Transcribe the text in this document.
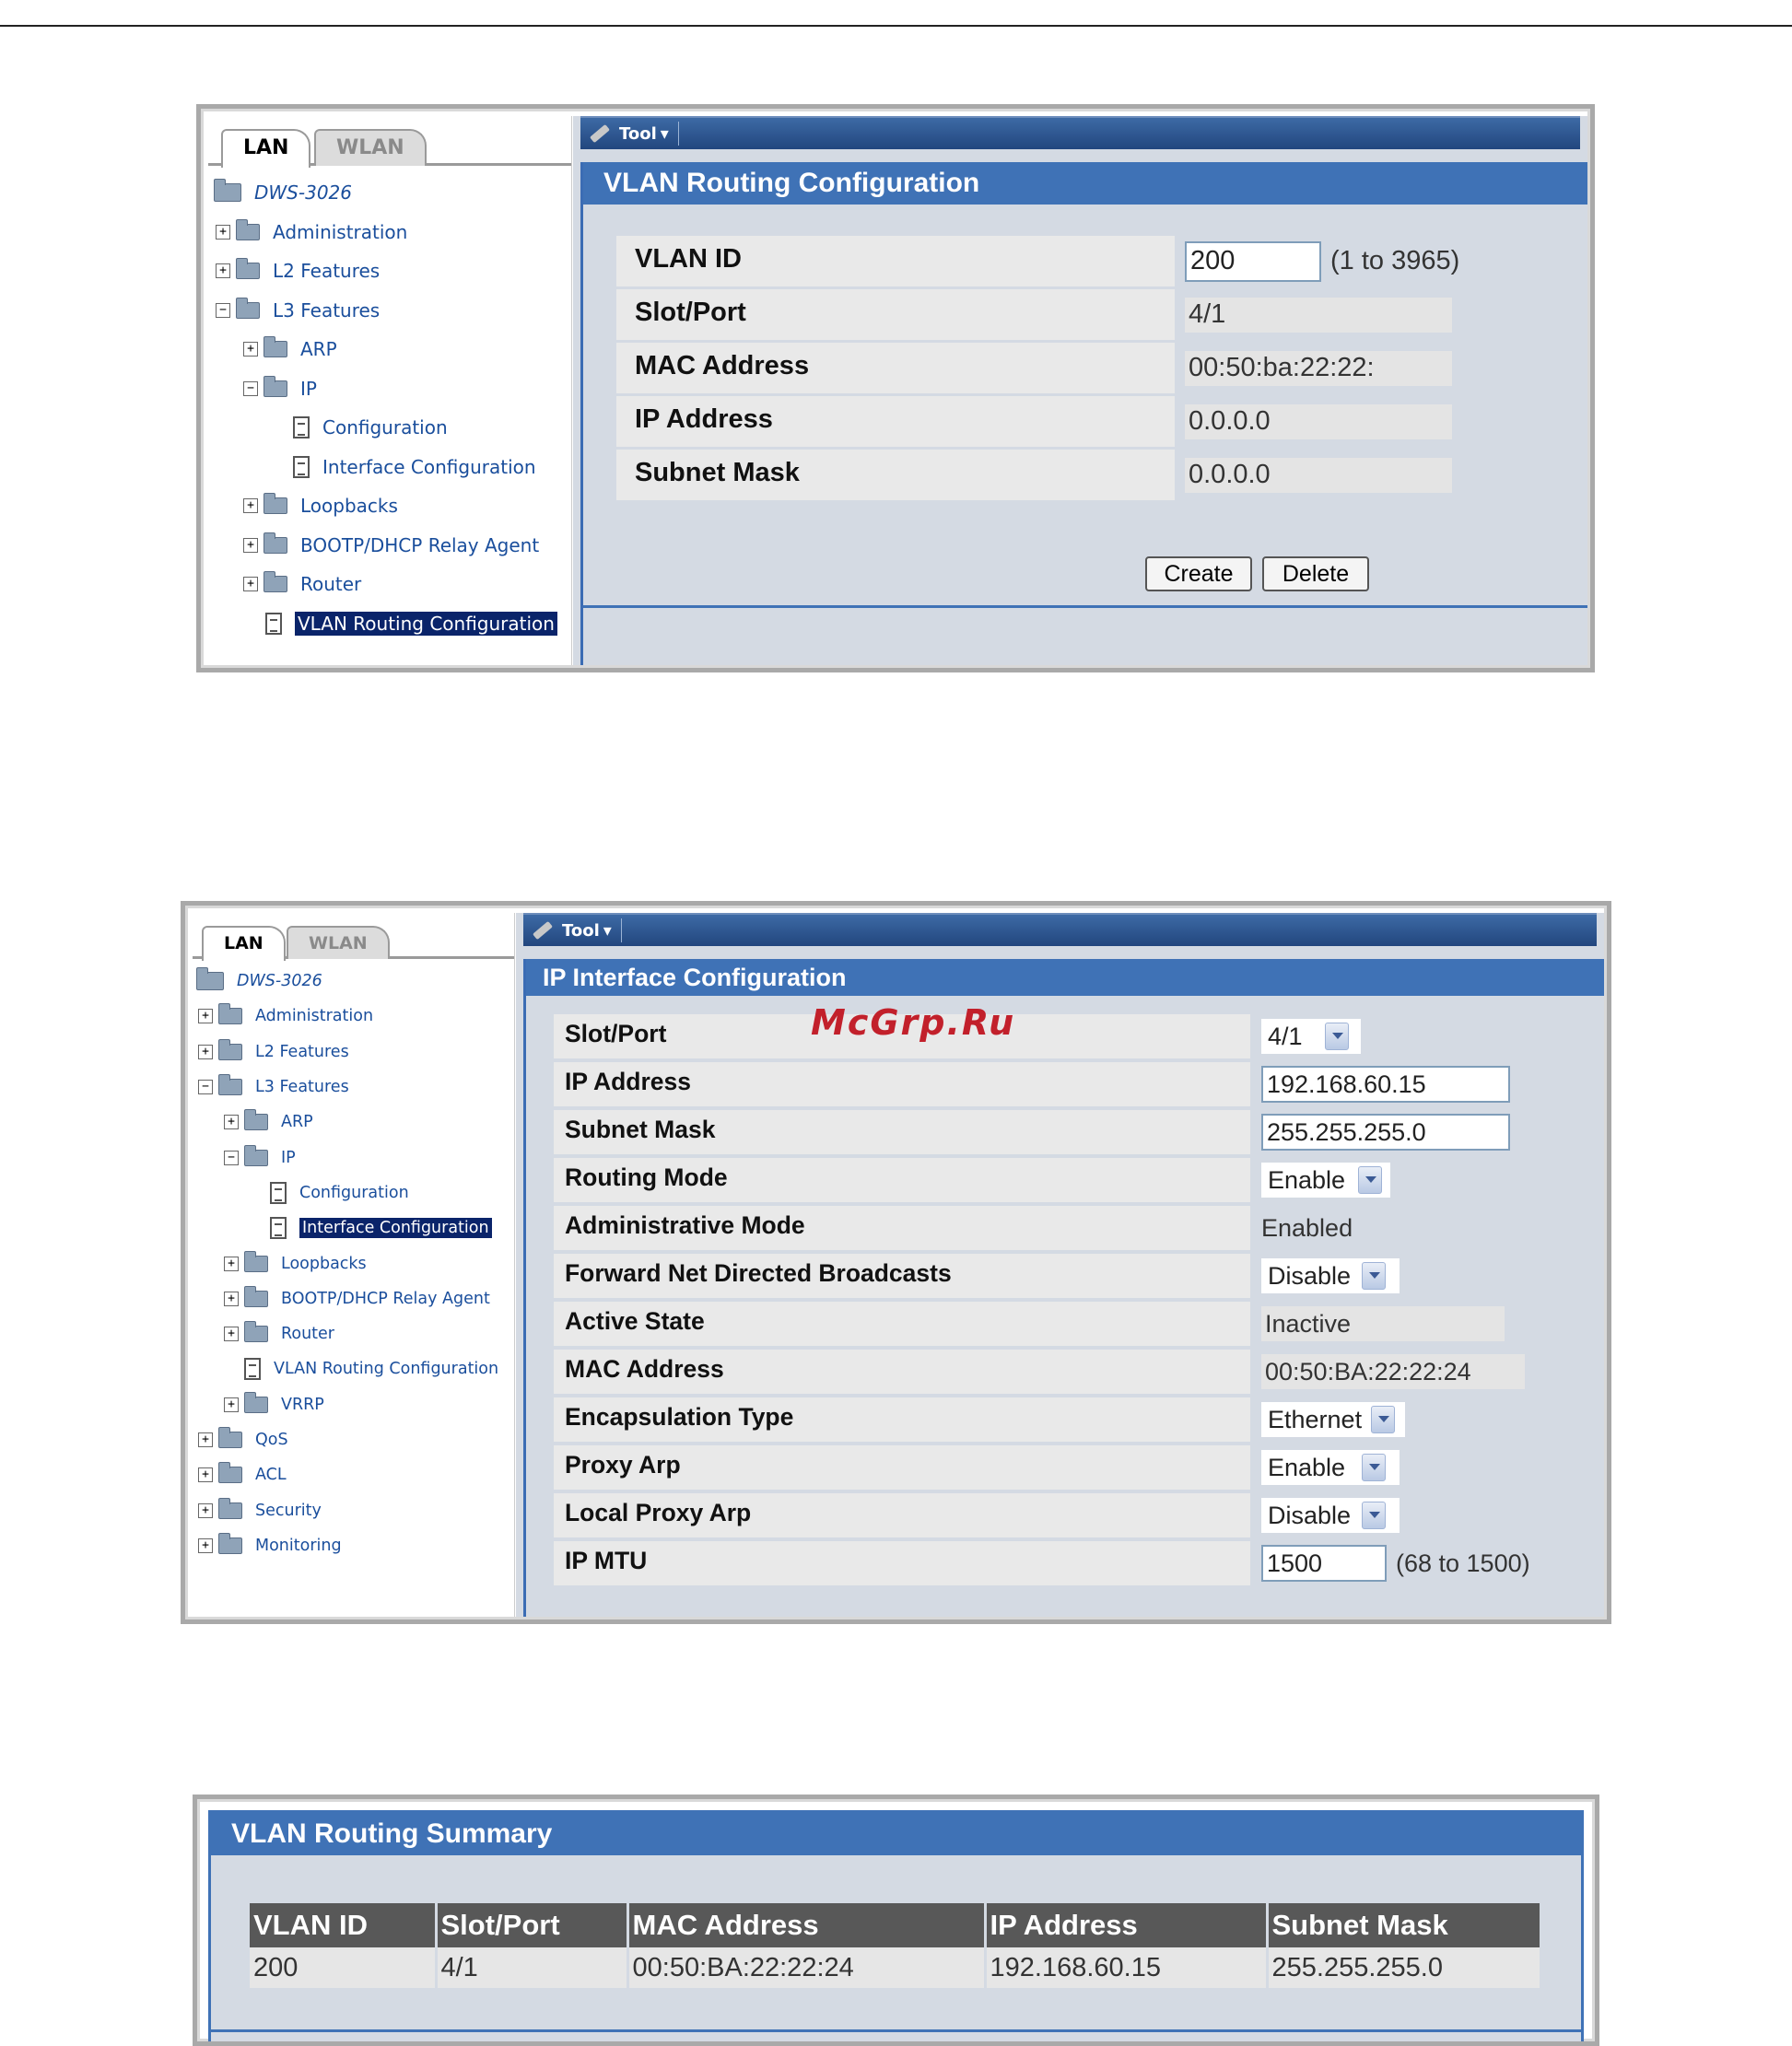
LAN	WLAN
DWS-3026
+	Administration
+	L2 Features
−	L3 Features
+	ARP
−	IP
Configuration
Interface Configuration
+	Loopbacks
+	BOOTP/DHCP Relay Agent
+	Router
VLAN Routing Configuration
Tool ▾
VLAN Routing Configuration
VLAN ID	200	(1 to 3965)
Slot/Port	4/1
MAC Address	00:50:ba:22:22:
IP Address	0.0.0.0
Subnet Mask	0.0.0.0
Create	Delete
LAN	WLAN
DWS-3026
+	Administration
+	L2 Features
−	L3 Features
+	ARP
−	IP
Configuration
Interface Configuration
+	Loopbacks
+	BOOTP/DHCP Relay Agent
+	Router
VLAN Routing Configuration
+	VRRP
+	QoS
+	ACL
+	Security
+	Monitoring
Tool ▾
IP Interface Configuration
Slot/Port	4/1
IP Address	192.168.60.15
Subnet Mask	255.255.255.0
Routing Mode	Enable
Administrative Mode	Enabled
Forward Net Directed Broadcasts	Disable
Active State	Inactive
MAC Address	00:50:BA:22:22:24
Encapsulation Type	Ethernet
Proxy Arp	Enable
Local Proxy Arp	Disable
IP MTU	1500	(68 to 1500)
McGrp.Ru
VLAN Routing Summary
VLAN ID	Slot/Port	MAC Address	IP Address	Subnet Mask
200	4/1	00:50:BA:22:22:24	192.168.60.15	255.255.255.0
